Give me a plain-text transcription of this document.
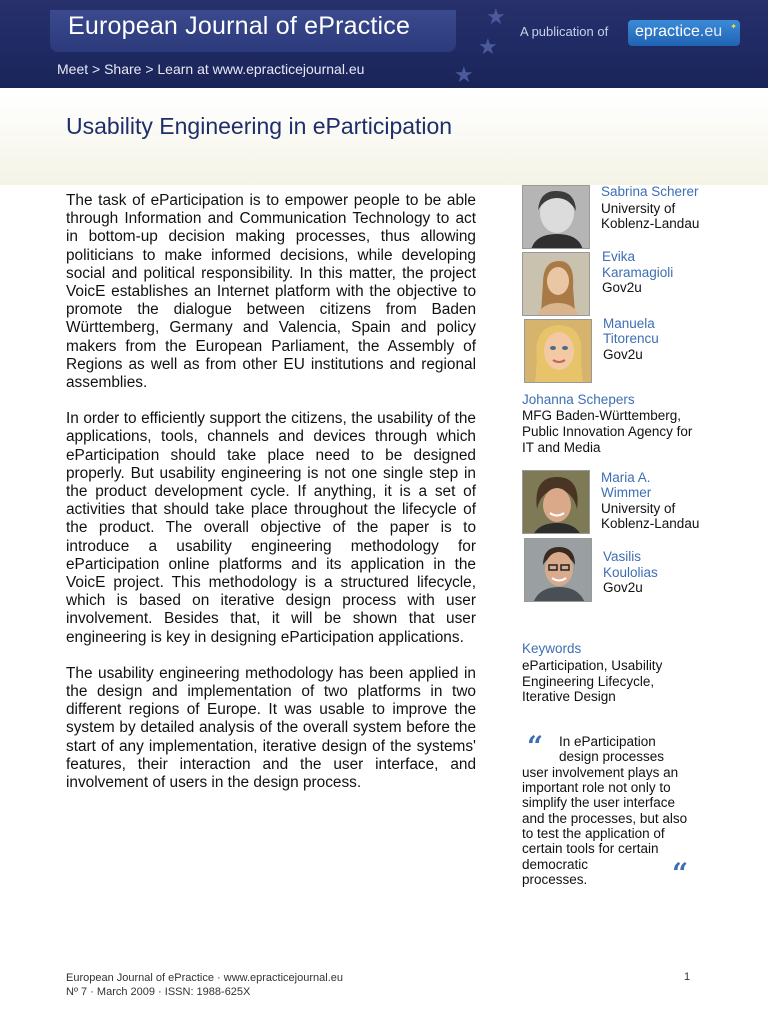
European Journal of ePractice
Meet > Share > Learn at www.epracticejournal.eu
★
★
★
A publication of	epractice.eu ✦
Usability Engineering in eParticipation

The task of eParticipation is to empower people to be able through Information and Communication Technology to act in bottom-up decision making processes, thus allowing politicians to make informed decisions, while developing social and political responsibility. In this matter, the project VoicE establishes an Internet platform with the objective to promote the dialogue between citizens from Baden Württemberg, Germany and Valencia, Spain and policy makers from the European Parliament, the Assembly of Regions as well as from other EU institutions and regional assemblies.

In order to efficiently support the citizens, the usability of the applications, tools, channels and devices through which eParticipation should take place need to be designed properly. But usability engineering is not one single step in the product development cycle. If anything, it is a set of activities that should take place throughout the lifecycle of the product. The overall objective of the paper is to introduce a usability engineering methodology for eParticipation online platforms and its application in the VoicE project. This methodology is a structured lifecycle, which is based on iterative design process with user involvement. Besides that, it will be shown that user engineering is key in designing eParticipation applications.

The usability engineering methodology has been applied in the design and implementation of two platforms in two different regions of Europe. It was usable to improve the system by detailed analysis of the overall system before the start of any implementation, iterative design of the systems' features, their interaction and the user interface, and involvement of users in the design process.

Sabrina Scherer
University of
Koblenz-Landau
Evika
Karamagioli
Gov2u
Manuela
Titorencu
Gov2u
Johanna Schepers
MFG Baden-Württemberg,
Public Innovation Agency for
IT and Media
Maria A.
Wimmer
University of
Koblenz-Landau
Vasilis
Koulolias
Gov2u
Keywords
eParticipation, Usability Engineering Lifecycle, Iterative Design
“ In eParticipation
design processes
user involvement plays an
important role not only to
simplify the user interface
and the processes, but also
to test the application of
certain tools for certain
democratic
processes.	“
European Journal of ePractice · www.epracticejournal.eu
Nº 7 · March 2009 · ISSN: 1988-625X
1
